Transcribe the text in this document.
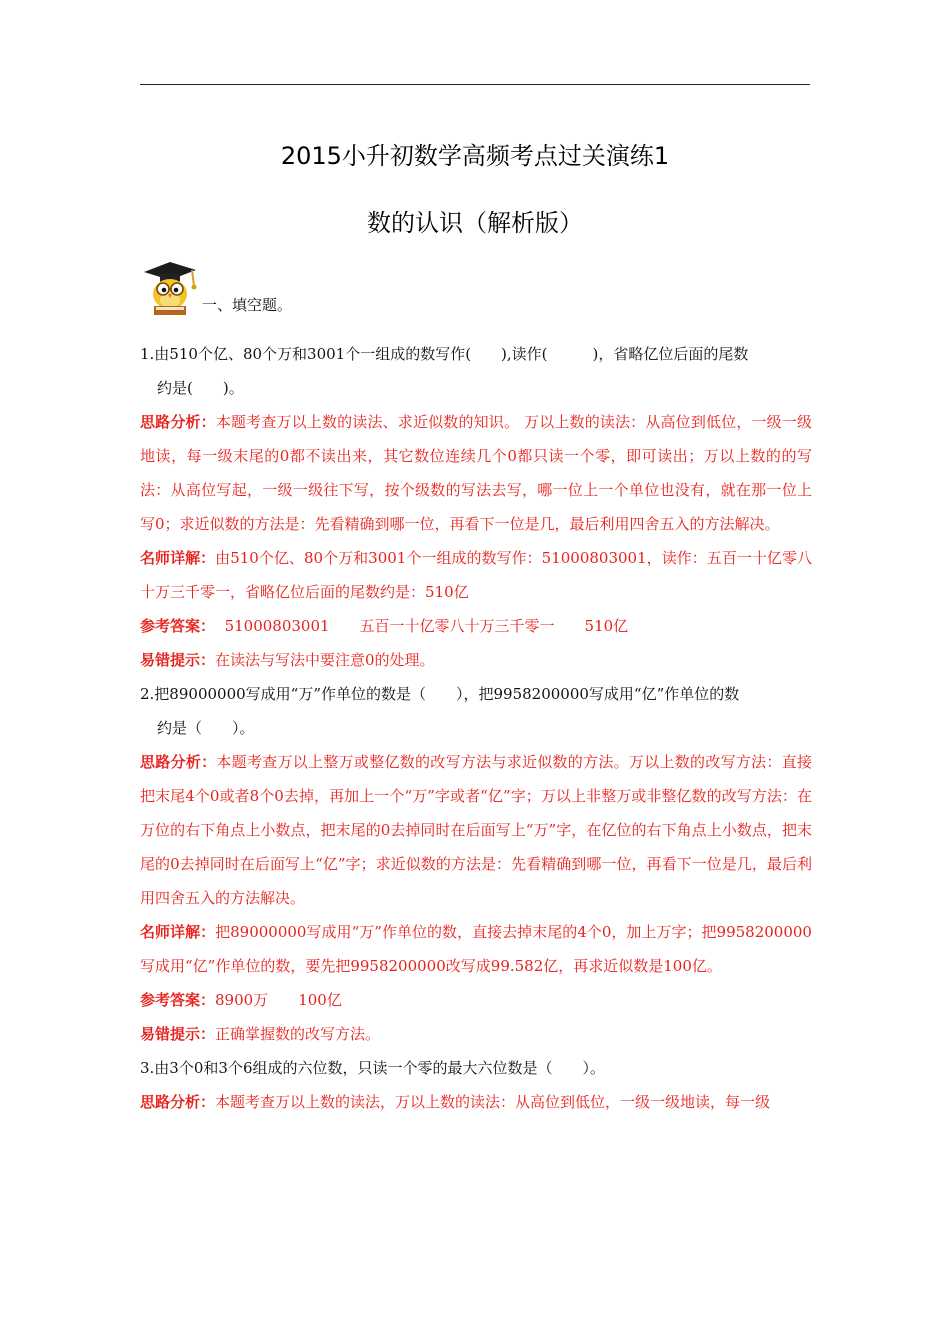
2015小升初数学高频考点过关演练1
数的认识（解析版）
一、填空题。

1.由510个亿、80个万和3001个一组成的数写作(　　),读作(　　　)，省略亿位后面的尾数
约是(　　)。

思路分析：本题考查万以上数的读法、求近似数的知识。 万以上数的读法：从高位到低位，一级一级地读，每一级末尾的0都不读出来，其它数位连续几个0都只读一个零，即可读出；万以上数的的写法：从高位写起，一级一级往下写，按个级数的写法去写，哪一位上一个单位也没有，就在那一位上写0；求近似数的方法是：先看精确到哪一位，再看下一位是几，最后利用四舍五入的方法解决。

名师详解：由510个亿、80个万和3001个一组成的数写作：51000803001，读作：五百一十亿零八十万三千零一，省略亿位后面的尾数约是：510亿

参考答案： 51000803001　　五百一十亿零八十万三千零一　　510亿

易错提示：在读法与写法中要注意0的处理。

2.把89000000写成用“万”作单位的数是（　　），把9958200000写成用“亿”作单位的数
约是（　　）。

思路分析：本题考查万以上整万或整亿数的改写方法与求近似数的方法。万以上数的改写方法：直接把末尾4个0或者8个0去掉，再加上一个“万”字或者“亿”字；万以上非整万或非整亿数的改写方法：在万位的右下角点上小数点，把末尾的0去掉同时在后面写上“万”字，在亿位的右下角点上小数点，把末尾的0去掉同时在后面写上“亿”字；求近似数的方法是：先看精确到哪一位，再看下一位是几，最后利用四舍五入的方法解决。

名师详解：把89000000写成用“万”作单位的数，直接去掉末尾的4个0，加上万字；把9958200000写成用“亿”作单位的数，要先把9958200000改写成99.582亿，再求近似数是100亿。

参考答案：8900万　　100亿

易错提示：正确掌握数的改写方法。

3.由3个0和3个6组成的六位数，只读一个零的最大六位数是（　　）。

思路分析：本题考查万以上数的读法，万以上数的读法：从高位到低位，一级一级地读，每一级
